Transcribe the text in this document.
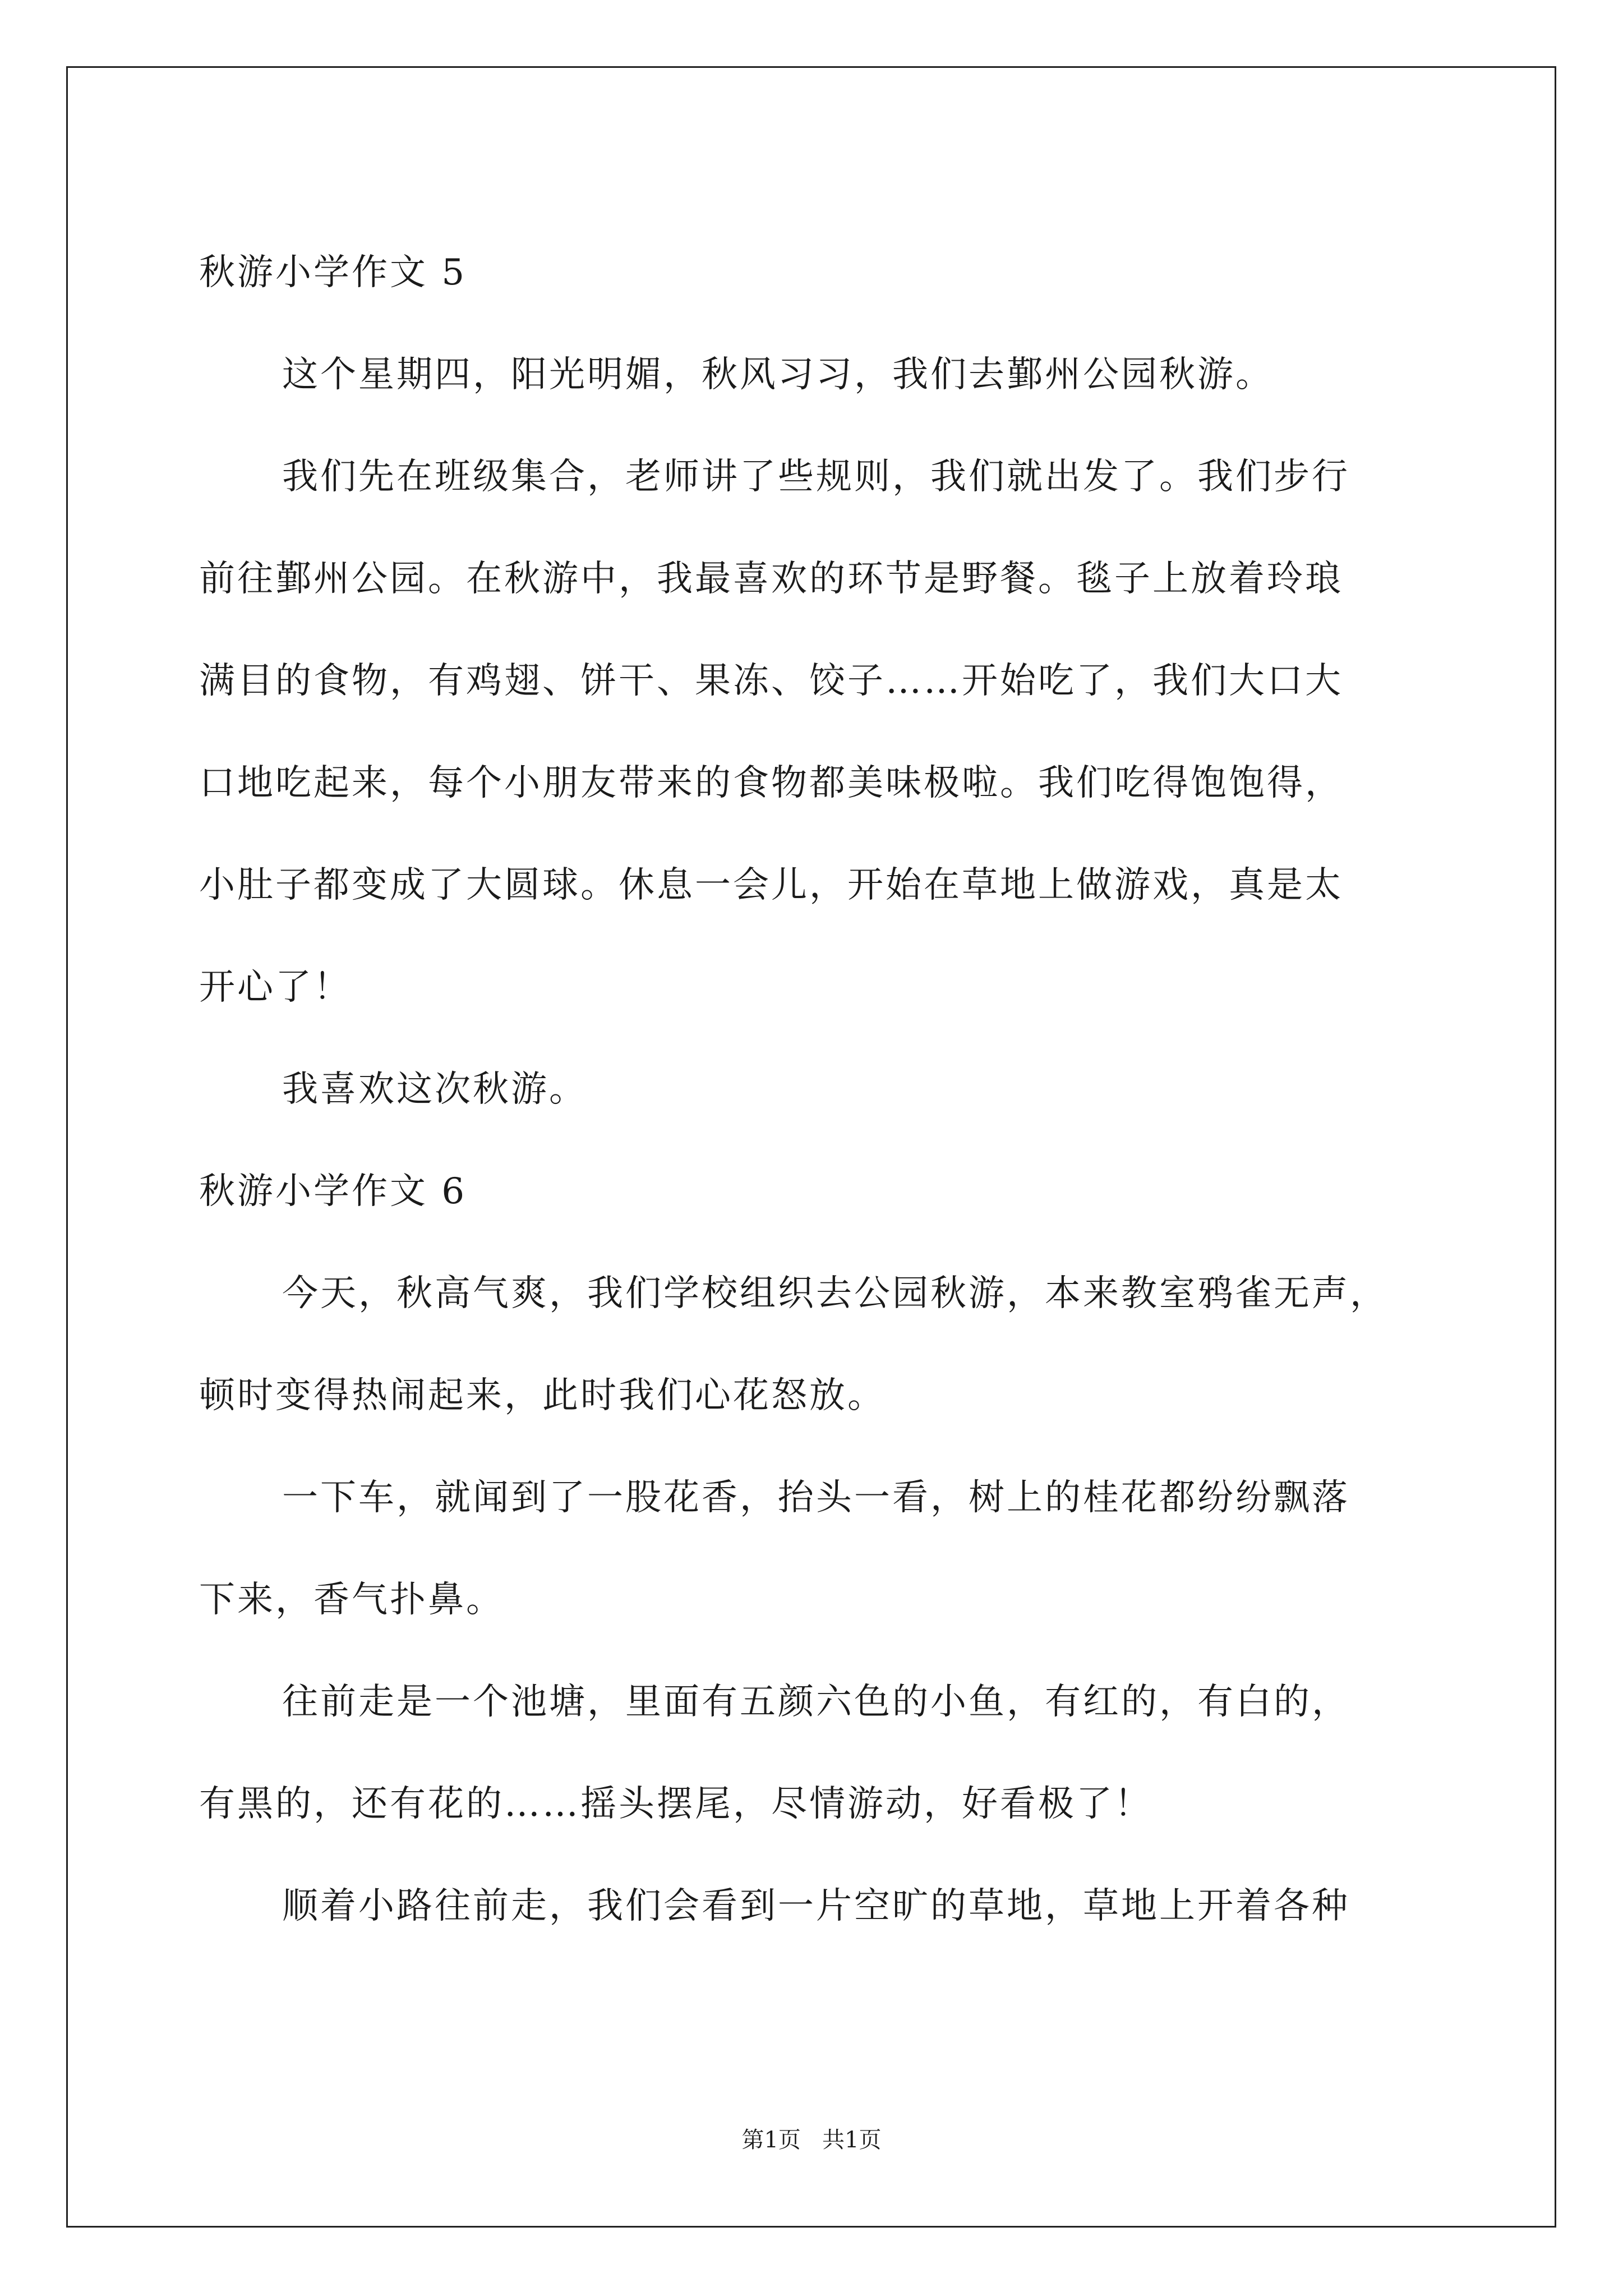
秋游小学作文 5

这个星期四，阳光明媚，秋风习习，我们去鄞州公园秋游。

我们先在班级集合，老师讲了些规则，我们就出发了。我们步行

前往鄞州公园。在秋游中，我最喜欢的环节是野餐。毯子上放着玲琅

满目的食物，有鸡翅、饼干、果冻、饺子……开始吃了，我们大口大

口地吃起来，每个小朋友带来的食物都美味极啦。我们吃得饱饱得，

小肚子都变成了大圆球。休息一会儿，开始在草地上做游戏，真是太

开心了！

我喜欢这次秋游。

秋游小学作文 6

今天，秋高气爽，我们学校组织去公园秋游，本来教室鸦雀无声，

顿时变得热闹起来，此时我们心花怒放。

一下车，就闻到了一股花香，抬头一看，树上的桂花都纷纷飘落

下来，香气扑鼻。

往前走是一个池塘，里面有五颜六色的小鱼，有红的，有白的，

有黑的，还有花的……摇头摆尾，尽情游动，好看极了！

顺着小路往前走，我们会看到一片空旷的草地，草地上开着各种

第1页   共1页
